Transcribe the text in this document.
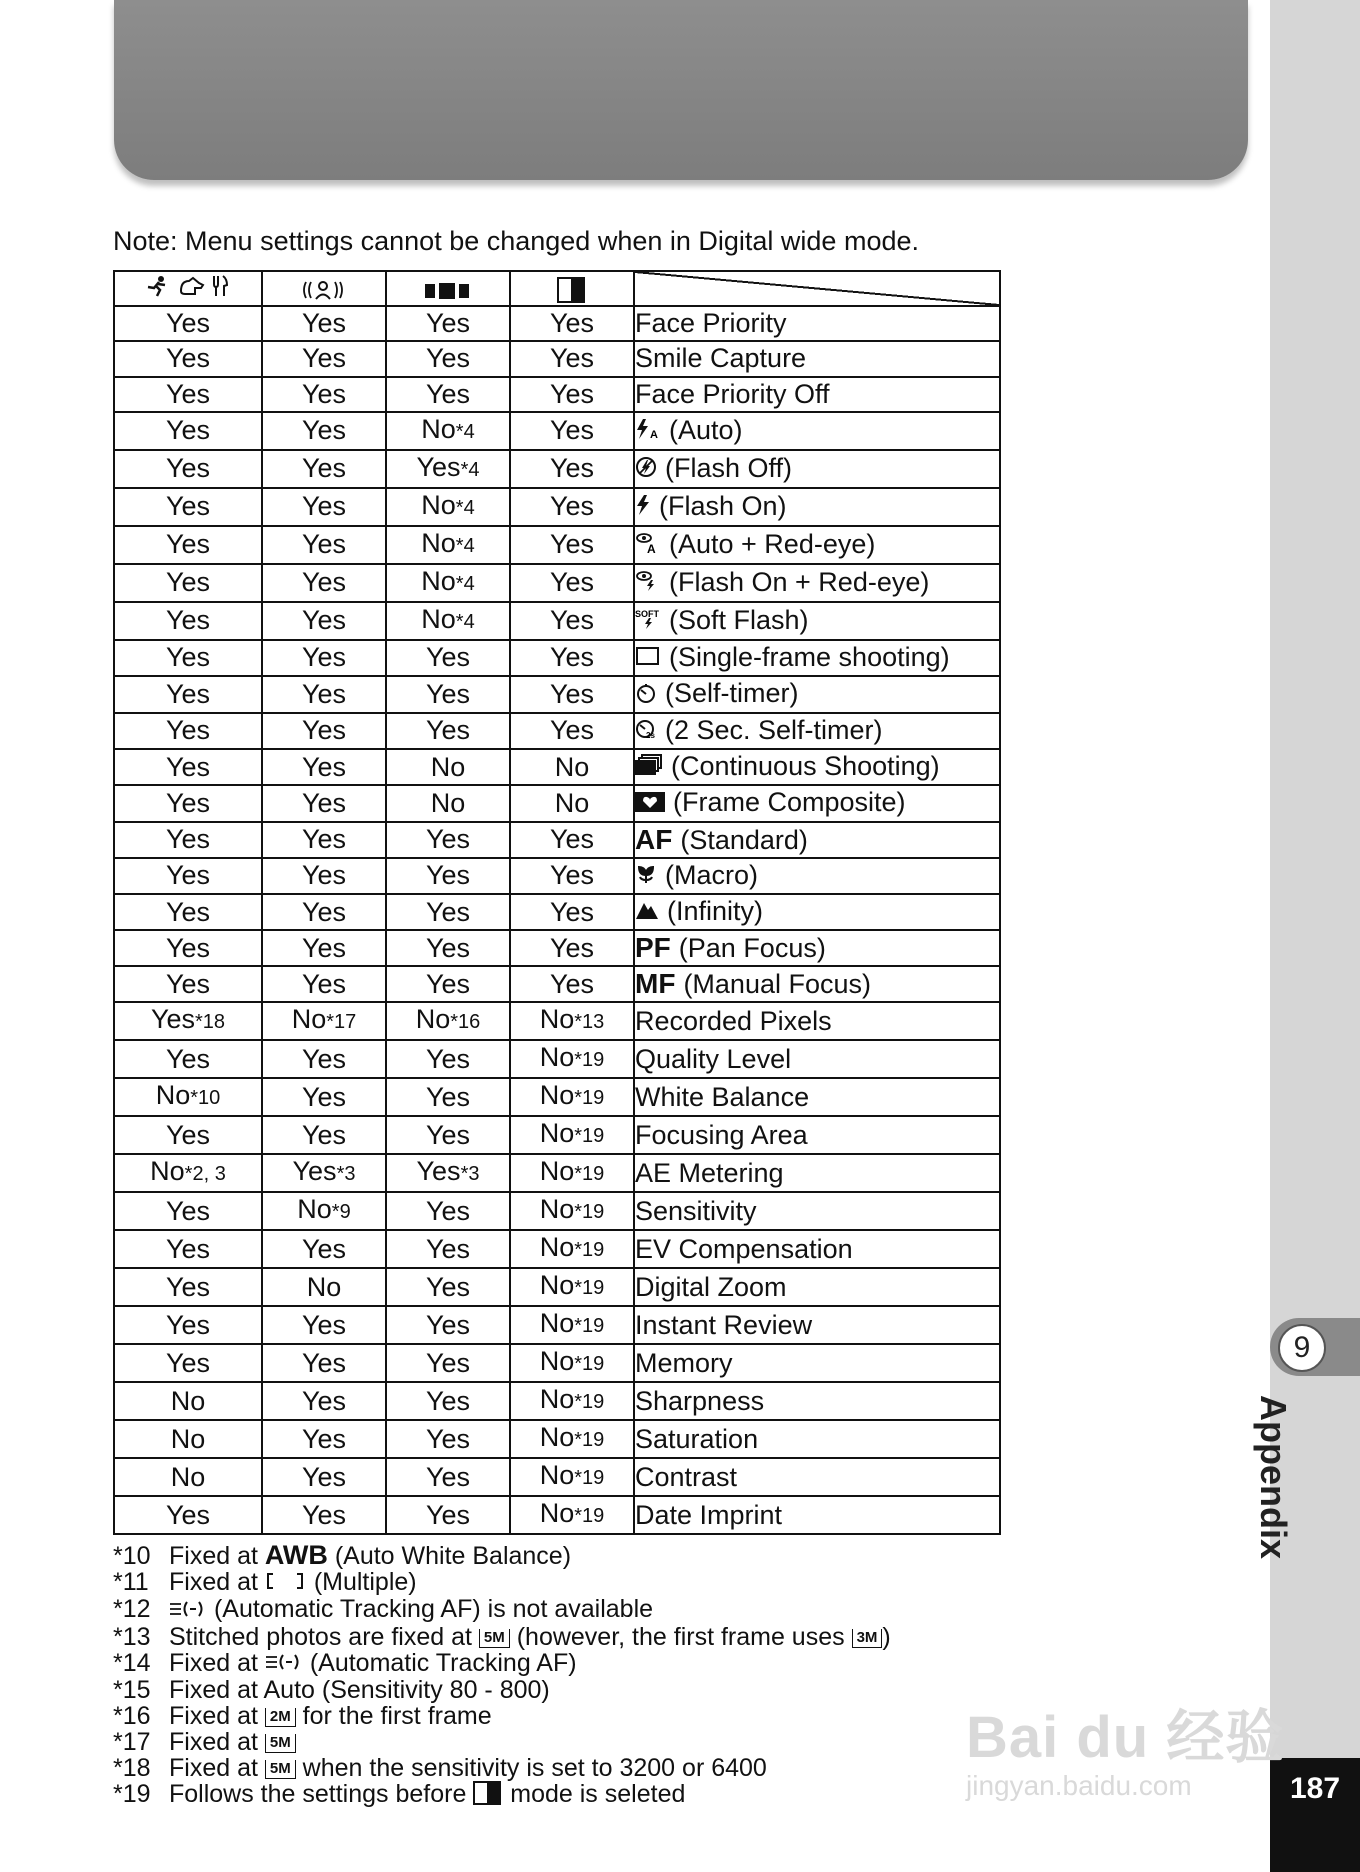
9
Appendix
187
Bai du 经验
jingyan.baidu.com
Note: Menu settings cannot be changed when in Digital wide mode.

Yes	Yes	Yes	Yes	Face Priority
Yes	Yes	Yes	Yes	Smile Capture
Yes	Yes	Yes	Yes	Face Priority Off
Yes	Yes	No*4	Yes	A (Auto)
Yes	Yes	Yes*4	Yes	(Flash Off)
Yes	Yes	No*4	Yes	(Flash On)
Yes	Yes	No*4	Yes	A (Auto + Red-eye)
Yes	Yes	No*4	Yes	(Flash On + Red-eye)
Yes	Yes	No*4	Yes	SOFT (Soft Flash)
Yes	Yes	Yes	Yes	(Single-frame shooting)
Yes	Yes	Yes	Yes	(Self-timer)
Yes	Yes	Yes	Yes	2s (2 Sec. Self-timer)
Yes	Yes	No	No	(Continuous Shooting)
Yes	Yes	No	No	(Frame Composite)
Yes	Yes	Yes	Yes	AF (Standard)
Yes	Yes	Yes	Yes	(Macro)
Yes	Yes	Yes	Yes	(Infinity)
Yes	Yes	Yes	Yes	PF (Pan Focus)
Yes	Yes	Yes	Yes	MF (Manual Focus)
Yes*18	No*17	No*16	No*13	Recorded Pixels
Yes	Yes	Yes	No*19	Quality Level
No*10	Yes	Yes	No*19	White Balance
Yes	Yes	Yes	No*19	Focusing Area
No*2, 3	Yes*3	Yes*3	No*19	AE Metering
Yes	No*9	Yes	No*19	Sensitivity
Yes	Yes	Yes	No*19	EV Compensation
Yes	No	Yes	No*19	Digital Zoom
Yes	Yes	Yes	No*19	Instant Review
Yes	Yes	Yes	No*19	Memory
No	Yes	Yes	No*19	Sharpness
No	Yes	Yes	No*19	Saturation
No	Yes	Yes	No*19	Contrast
Yes	Yes	Yes	No*19	Date Imprint
*10 Fixed at AWB (Auto White Balance)
*11 Fixed at  (Multiple)
*12 (Automatic Tracking AF) is not available
*13 Stitched photos are fixed at 5M (however, the first frame uses 3M )
*14 Fixed at  (Automatic Tracking AF)
*15 Fixed at Auto (Sensitivity 80 - 800)
*16 Fixed at 2M for the first frame
*17 Fixed at 5M
*18 Fixed at 5M when the sensitivity is set to 3200 or 6400
*19 Follows the settings before  mode is seleted
